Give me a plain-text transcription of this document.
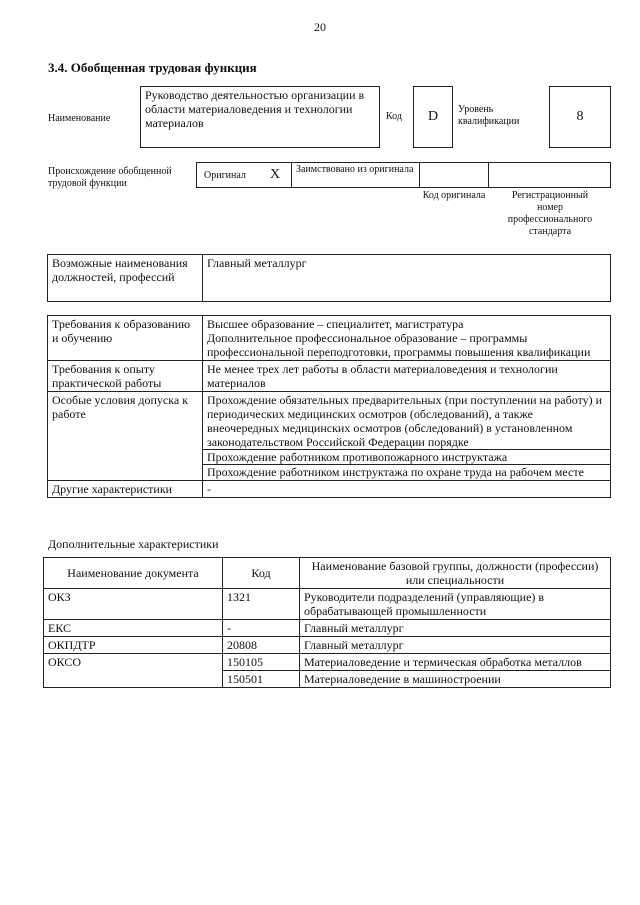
20
3.4. Обобщенная трудовая функция
Наименование
Руководство деятельностью организации в области материаловедения и технологии материалов	Код D Уровень квалификации	8
Происхождение обобщенной трудовой функции
Оригинал X Заимствовано из оригинала
Код оригинала	Регистрационный номер профессионального стандарта
Возможные наименования должностей, профессий	Главный металлург
Требования к образованию и обучению	Высшее образование – специалитет, магистратура
Дополнительное профессиональное образование – программы профессиональной переподготовки, программы повышения квалификации

Требования к опыту практической работы	Не менее трех лет работы в области материаловедения и технологии материалов
Особые условия допуска к работе	Прохождение обязательных предварительных (при поступлении на работу) и периодических медицинских осмотров (обследований), а также внеочередных медицинских осмотров (обследований) в установленном законодательством Российской Федерации порядке
Прохождение работником противопожарного инструктажа
Прохождение работником инструктажа по охране труда на рабочем месте

Другие характеристики	-
Дополнительные характеристики
Наименование документа	Код	Наименование базовой группы, должности (профессии) или специальности
ОКЗ	1321	Руководители подразделений (управляющие) в обрабатывающей промышленности
ЕКС	-	Главный металлург
ОКПДТР	20808	Главный металлург
ОКСО	150105	Материаловедение и термическая обработка металлов
	150501	Материаловедение в машиностроении
